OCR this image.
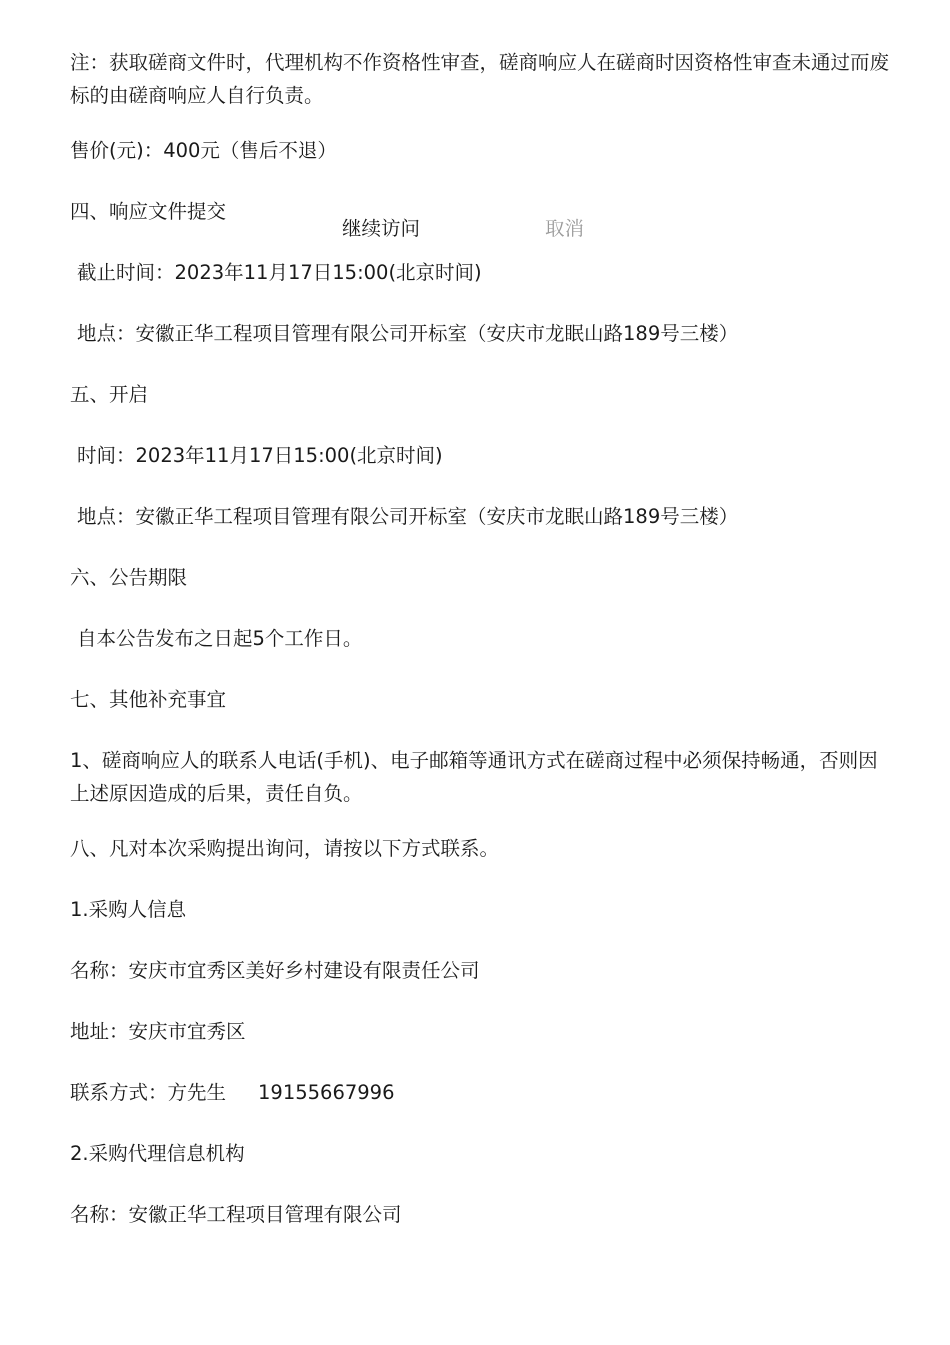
注：获取磋商文件时，代理机构不作资格性审查，磋商响应人在磋商时因资格性审查未通过而废标的由磋商响应人自行负责。

售价(元)：400元（售后不退）

四、响应文件提交

截止时间：2023年11月17日15:00(北京时间)

地点：安徽正华工程项目管理有限公司开标室（安庆市龙眠山路189号三楼）

五、开启

时间：2023年11月17日15:00(北京时间)

地点：安徽正华工程项目管理有限公司开标室（安庆市龙眠山路189号三楼）

六、公告期限

自本公告发布之日起5个工作日。

七、其他补充事宜

1、磋商响应人的联系人电话(手机)、电子邮箱等通讯方式在磋商过程中必须保持畅通，否则因上述原因造成的后果，责任自负。

八、凡对本次采购提出询问，请按以下方式联系。

1.采购人信息

名称：安庆市宜秀区美好乡村建设有限责任公司

地址：安庆市宜秀区

联系方式：方先生 19155667996

2.采购代理信息机构

名称：安徽正华工程项目管理有限公司

继续访问	取消
